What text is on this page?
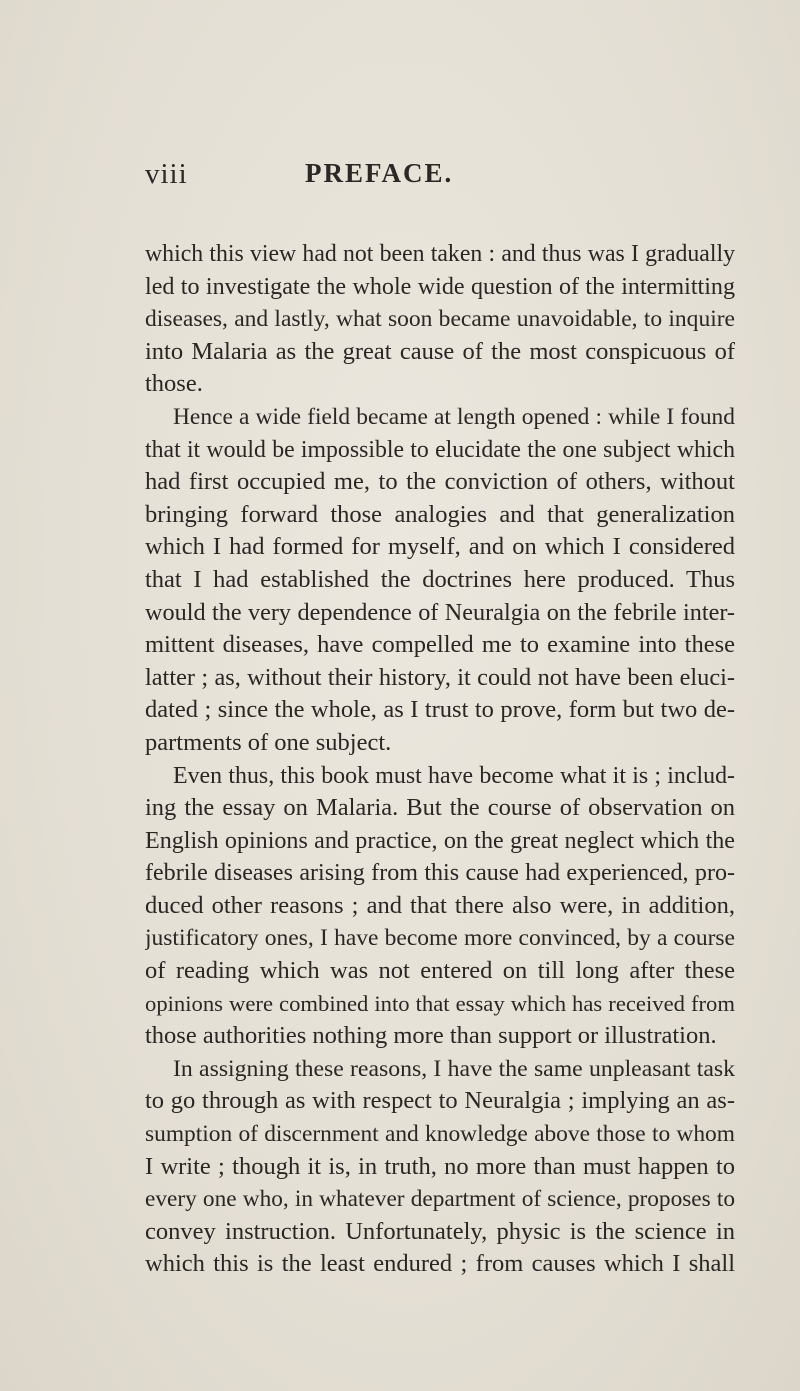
viii	PREFACE.
which this view had not been taken : and thus was I gradually
led to investigate the whole wide question of the intermitting
diseases, and lastly, what soon became unavoidable, to inquire
into Malaria as the great cause of the most conspicuous of
those.
Hence a wide field became at length opened : while I found
that it would be impossible to elucidate the one subject which
had first occupied me, to the conviction of others, without
bringing forward those analogies and that generalization
which I had formed for myself, and on which I considered
that I had established the doctrines here produced. Thus
would the very dependence of Neuralgia on the febrile inter-
mittent diseases, have compelled me to examine into these
latter ; as, without their history, it could not have been eluci-
dated ; since the whole, as I trust to prove, form but two de-
partments of one subject.
Even thus, this book must have become what it is ; includ-
ing the essay on Malaria. But the course of observation on
English opinions and practice, on the great neglect which the
febrile diseases arising from this cause had experienced, pro-
duced other reasons ; and that there also were, in addition,
justificatory ones, I have become more convinced, by a course
of reading which was not entered on till long after these
opinions were combined into that essay which has received from
those authorities nothing more than support or illustration.
In assigning these reasons, I have the same unpleasant task
to go through as with respect to Neuralgia ; implying an as-
sumption of discernment and knowledge above those to whom
I write ; though it is, in truth, no more than must happen to
every one who, in whatever department of science, proposes to
convey instruction. Unfortunately, physic is the science in
which this is the least endured ; from causes which I shall
